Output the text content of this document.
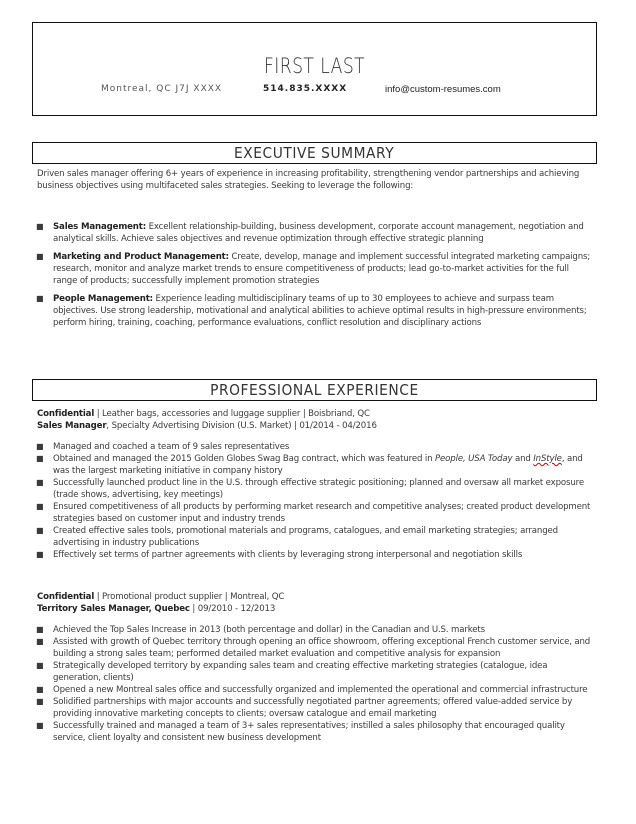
FIRST LAST
Montreal, QC J7J XXXX	514.835.XXXX	info@custom-resumes.com
EXECUTIVE SUMMARY
Driven sales manager offering 6+ years of experience in increasing profitability, strengthening vendor partnerships and achieving business objectives using multifaceted sales strategies. Seeking to leverage the following:
■ Sales Management: Excellent relationship-building, business development, corporate account management, negotiation and analytical skills. Achieve sales objectives and revenue optimization through effective strategic planning
■ Marketing and Product Management: Create, develop, manage and implement successful integrated marketing campaigns; research, monitor and analyze market trends to ensure competitiveness of products; lead go-to-market activities for the full range of products; successfully implement promotion strategies
■ People Management: Experience leading multidisciplinary teams of up to 30 employees to achieve and surpass team objectives. Use strong leadership, motivational and analytical abilities to achieve optimal results in high-pressure environments; perform hiring, training, coaching, performance evaluations, conflict resolution and disciplinary actions
PROFESSIONAL EXPERIENCE
Confidential | Leather bags, accessories and luggage supplier | Boisbriand, QC
Sales Manager, Specialty Advertising Division (U.S. Market) | 01/2014 - 04/2016
■ Managed and coached a team of 9 sales representatives
■ Obtained and managed the 2015 Golden Globes Swag Bag contract, which was featured in People, USA Today and InStyle, and was the largest marketing initiative in company history
■ Successfully launched product line in the U.S. through effective strategic positioning; planned and oversaw all market exposure (trade shows, advertising, key meetings)
■ Ensured competitiveness of all products by performing market research and competitive analyses; created product development strategies based on customer input and industry trends
■ Created effective sales tools, promotional materials and programs, catalogues, and email marketing strategies; arranged advertising in industry publications
■ Effectively set terms of partner agreements with clients by leveraging strong interpersonal and negotiation skills
Confidential | Promotional product supplier | Montreal, QC
Territory Sales Manager, Quebec | 09/2010 - 12/2013
■ Achieved the Top Sales Increase in 2013 (both percentage and dollar) in the Canadian and U.S. markets
■ Assisted with growth of Quebec territory through opening an office showroom, offering exceptional French customer service, and building a strong sales team; performed detailed market evaluation and competitive analysis for expansion
■ Strategically developed territory by expanding sales team and creating effective marketing strategies (catalogue, idea generation, clients)
■ Opened a new Montreal sales office and successfully organized and implemented the operational and commercial infrastructure
■ Solidified partnerships with major accounts and successfully negotiated partner agreements; offered value-added service by providing innovative marketing concepts to clients; oversaw catalogue and email marketing
■ Successfully trained and managed a team of 3+ sales representatives; instilled a sales philosophy that encouraged quality service, client loyalty and consistent new business development
